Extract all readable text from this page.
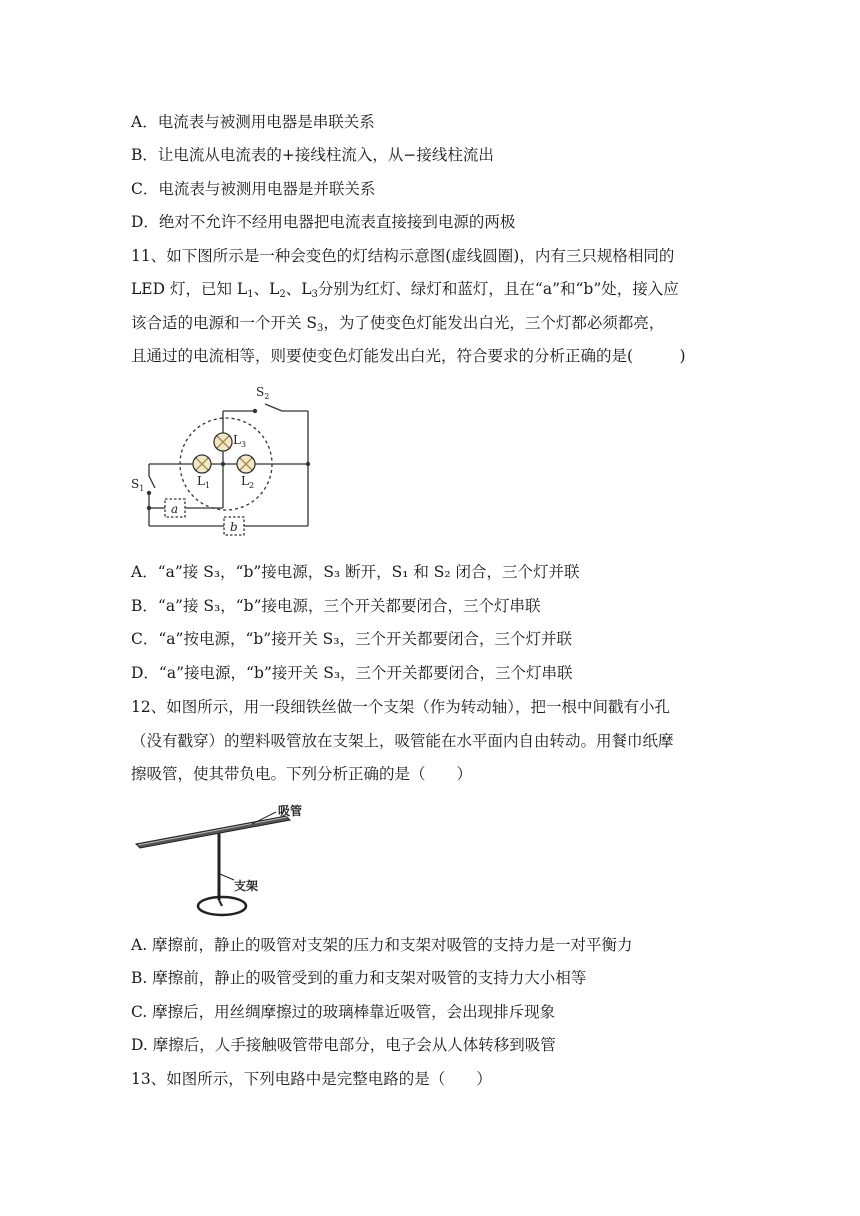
A．电流表与被测用电器是串联关系
B．让电流从电流表的+接线柱流入，从−接线柱流出
C．电流表与被测用电器是并联关系
D．绝对不允许不经用电器把电流表直接接到电源的两极
11、如下图所示是一种会变色的灯结构示意图(虚线圆圈)，内有三只规格相同的
LED 灯，已知 $L_1$、$L_2$、$L_3$分别为红灯、绿灯和蓝灯，且在“a”和“b”处，接入应
该合适的电源和一个开关 $S_3$，为了使变色灯能发出白光，三个灯都必须都亮，
且通过的电流相等，则要使变色灯能发出白光，符合要求的分析正确的是(　　　)
$S_2$
$S_1$
$L_3$
$L_1$	$L_2$
a
b
A．“a”接 S₃，“b”接电源，S₃ 断开，S₁ 和 S₂ 闭合，三个灯并联
B．“a”接 S₃，“b”接电源，三个开关都要闭合，三个灯串联
C．“a”按电源，“b”接开关 S₃，三个开关都要闭合，三个灯并联
D．“a”接电源，“b”接开关 S₃，三个开关都要闭合，三个灯串联
12、如图所示，用一段细铁丝做一个支架（作为转动轴），把一根中间戳有小孔
（没有戳穿）的塑料吸管放在支架上，吸管能在水平面内自由转动。用餐巾纸摩
擦吸管，使其带负电。下列分析正确的是（　　）
吸管
支架
A. 摩擦前，静止的吸管对支架的压力和支架对吸管的支持力是一对平衡力
B. 摩擦前，静止的吸管受到的重力和支架对吸管的支持力大小相等
C. 摩擦后，用丝绸摩擦过的玻璃棒靠近吸管，会出现排斥现象
D. 摩擦后，人手接触吸管带电部分，电子会从人体转移到吸管
13、如图所示，下列电路中是完整电路的是（　　）
